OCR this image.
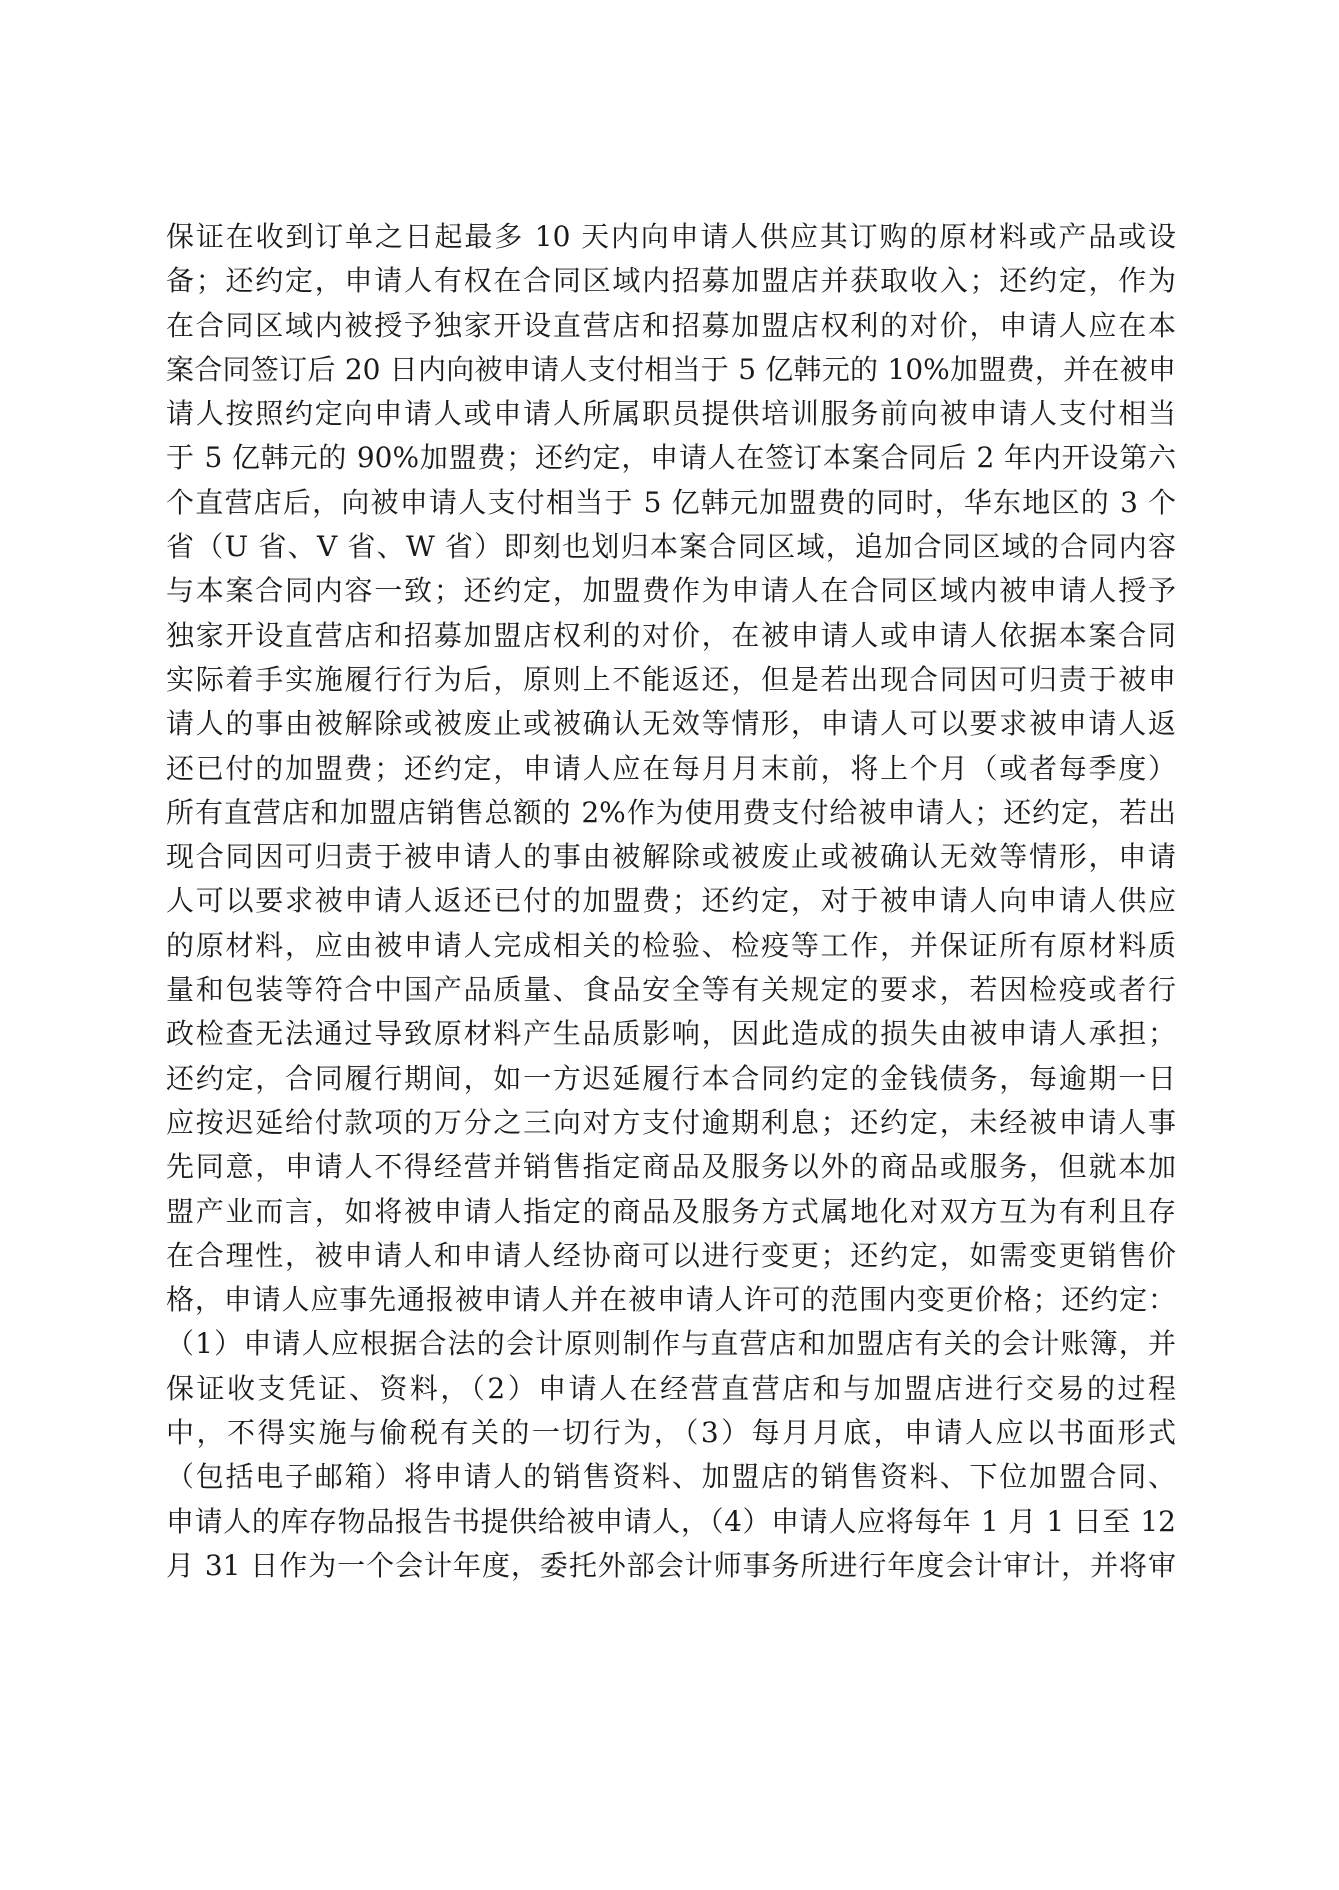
保证在收到订单之日起最多 10 天内向申请人供应其订购的原材料或产品或设
备；还约定，申请人有权在合同区域内招募加盟店并获取收入；还约定，作为
在合同区域内被授予独家开设直营店和招募加盟店权利的对价，申请人应在本
案合同签订后 20 日内向被申请人支付相当于 5 亿韩元的 10%加盟费，并在被申
请人按照约定向申请人或申请人所属职员提供培训服务前向被申请人支付相当
于 5 亿韩元的 90%加盟费；还约定，申请人在签订本案合同后 2 年内开设第六
个直营店后，向被申请人支付相当于 5 亿韩元加盟费的同时，华东地区的 3 个
省（U 省、V 省、W 省）即刻也划归本案合同区域，追加合同区域的合同内容
与本案合同内容一致；还约定，加盟费作为申请人在合同区域内被申请人授予
独家开设直营店和招募加盟店权利的对价，在被申请人或申请人依据本案合同
实际着手实施履行行为后，原则上不能返还，但是若出现合同因可归责于被申
请人的事由被解除或被废止或被确认无效等情形，申请人可以要求被申请人返
还已付的加盟费；还约定，申请人应在每月月末前，将上个月（或者每季度）
所有直营店和加盟店销售总额的 2%作为使用费支付给被申请人；还约定，若出
现合同因可归责于被申请人的事由被解除或被废止或被确认无效等情形，申请
人可以要求被申请人返还已付的加盟费；还约定，对于被申请人向申请人供应
的原材料，应由被申请人完成相关的检验、检疫等工作，并保证所有原材料质
量和包装等符合中国产品质量、食品安全等有关规定的要求，若因检疫或者行
政检查无法通过导致原材料产生品质影响，因此造成的损失由被申请人承担；
还约定，合同履行期间，如一方迟延履行本合同约定的金钱债务，每逾期一日
应按迟延给付款项的万分之三向对方支付逾期利息；还约定，未经被申请人事
先同意，申请人不得经营并销售指定商品及服务以外的商品或服务，但就本加
盟产业而言，如将被申请人指定的商品及服务方式属地化对双方互为有利且存
在合理性，被申请人和申请人经协商可以进行变更；还约定，如需变更销售价
格，申请人应事先通报被申请人并在被申请人许可的范围内变更价格；还约定：
（1）申请人应根据合法的会计原则制作与直营店和加盟店有关的会计账簿，并
保证收支凭证、资料，（2）申请人在经营直营店和与加盟店进行交易的过程
中，不得实施与偷税有关的一切行为，（3）每月月底，申请人应以书面形式
（包括电子邮箱）将申请人的销售资料、加盟店的销售资料、下位加盟合同、
申请人的库存物品报告书提供给被申请人，（4）申请人应将每年 1 月 1 日至 12
月 31 日作为一个会计年度，委托外部会计师事务所进行年度会计审计，并将审
